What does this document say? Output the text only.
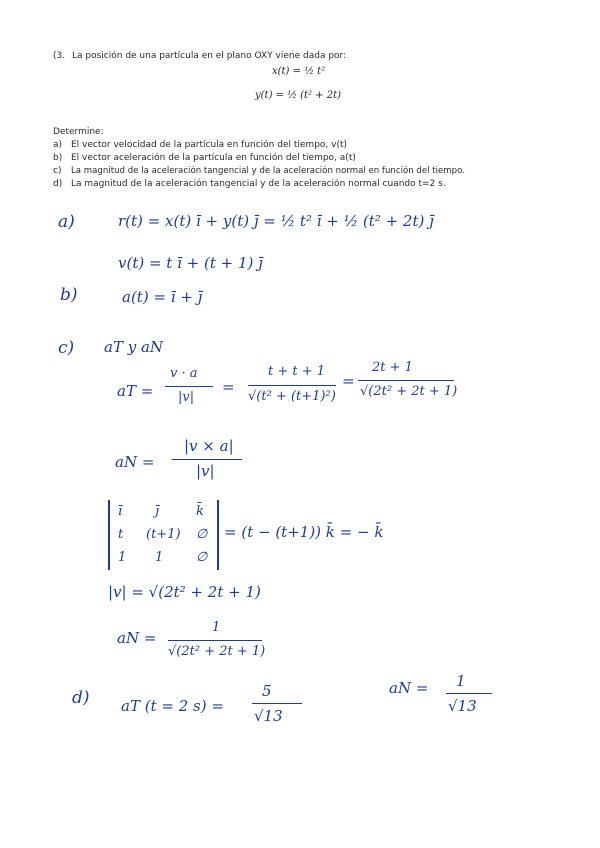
(3. La posición de una partícula en el plano OXY viene dada por:
x(t) = ½ t²
y(t) = ½ (t² + 2t)
Determine:
a) El vector velocidad de la partícula en función del tiempo, v(t)
b) El vector aceleración de la partícula en función del tiempo, a(t)
c) La magnitud de la aceleración tangencial y de la aceleración normal en función del tiempo.
d) La magnitud de la aceleración tangencial y de la aceleración normal cuando t=2 s.
a)	r(t) = x(t) ī + y(t) j̄ = ½ t² ī + ½ (t² + 2t) j̄
v(t) = t ī + (t + 1) j̄
b)	a(t) = ī + j̄
c) aT y aN
aT =
v · a
|v|
=
t + t + 1
√(t² + (t+1)²)
=
2t + 1
√(2t² + 2t + 1)
aN =
|v × a|
|v|
ī	j̄	k̄
t (t+1) ∅
1 1	∅
= (t − (t+1)) k̄ = − k̄
|v| = √(2t² + 2t + 1)
aN =
1
√(2t² + 2t + 1)
d) aT (t = 2 s) =
5
√13
aN = 1
√13
